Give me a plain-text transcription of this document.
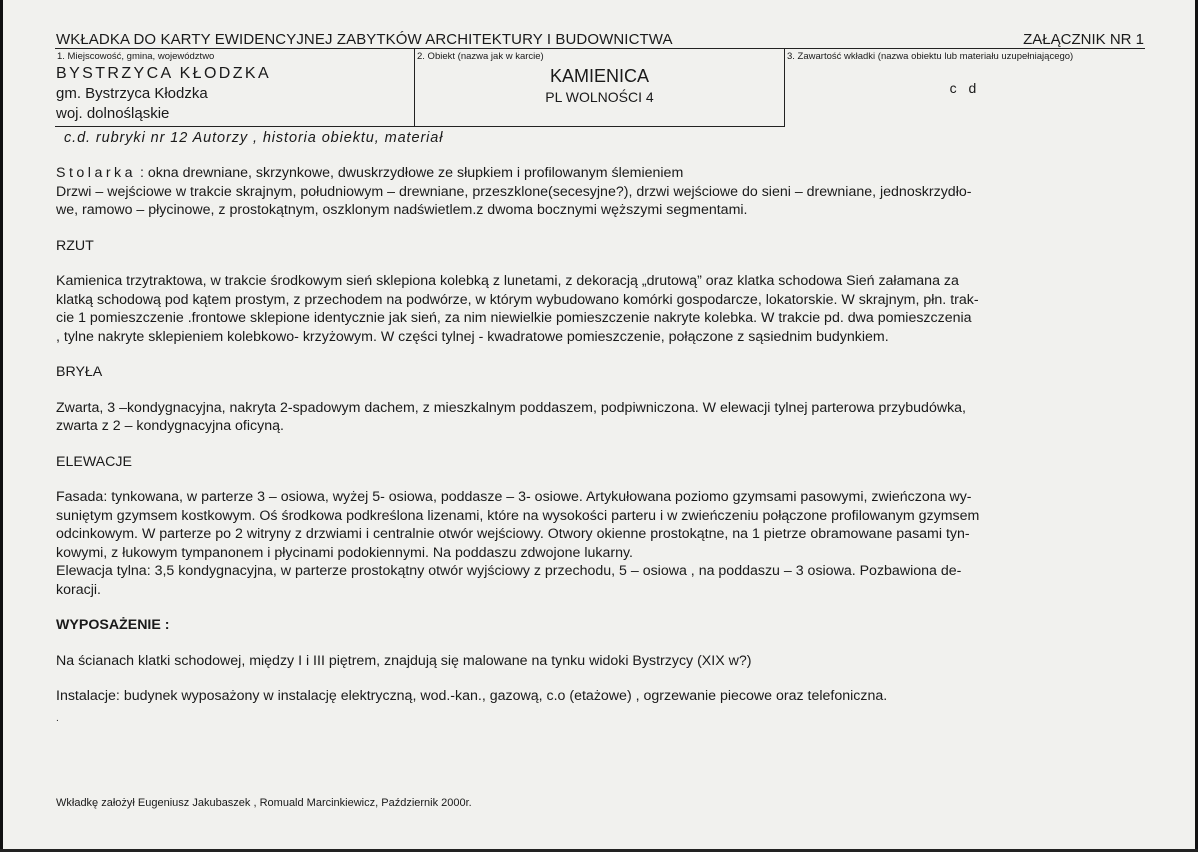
WKŁADKA DO KARTY EWIDENCYJNEJ ZABYTKÓW ARCHITEKTURY I BUDOWNICTWA	ZAŁĄCZNIK NR 1
1. Miejscowość, gmina, województwo
BYSTRZYCA KŁODZKA
gm. Bystrzyca Kłodzka
woj. dolnośląskie
2. Obiekt (nazwa jak w karcie)
KAMIENICA
PL WOLNOŚCI 4
3. Zawartość wkładki (nazwa obiektu lub materiału uzupełniającego)
c d
c.d. rubryki nr 12 Autorzy , historia obiektu, materiał

Stolarka : okna drewniane, skrzynkowe, dwuskrzydłowe ze słupkiem i profilowanym ślemieniem

Drzwi – wejściowe w trakcie skrajnym, południowym – drewniane, przeszklone(secesyjne?), drzwi wejściowe do sieni – drewniane, jednoskrzydło-

we, ramowo – płycinowe, z prostokątnym, oszklonym nadświetlem.z dwoma bocznymi węższymi segmentami.

RZUT

Kamienica trzytraktowa, w trakcie środkowym sień sklepiona kolebką z lunetami, z dekoracją „drutową” oraz klatka schodowa Sień załamana za

klatką schodową pod kątem prostym, z przechodem na podwórze, w którym wybudowano komórki gospodarcze, lokatorskie. W skrajnym, płn. trak-

cie 1 pomieszczenie .frontowe sklepione identycznie jak sień, za nim niewielkie pomieszczenie nakryte kolebka. W trakcie pd. dwa pomieszczenia

, tylne nakryte sklepieniem kolebkowo- krzyżowym. W części tylnej - kwadratowe pomieszczenie, połączone z sąsiednim budynkiem.

BRYŁA

Zwarta, 3 –kondygnacyjna, nakryta 2-spadowym dachem, z mieszkalnym poddaszem, podpiwniczona. W elewacji tylnej parterowa przybudówka,

zwarta z 2 – kondygnacyjna oficyną.

ELEWACJE

Fasada: tynkowana, w parterze 3 – osiowa, wyżej 5- osiowa, poddasze – 3- osiowe. Artykułowana poziomo gzymsami pasowymi, zwieńczona wy-

suniętym gzymsem kostkowym. Oś środkowa podkreślona lizenami, które na wysokości parteru i w zwieńczeniu połączone profilowanym gzymsem

odcinkowym. W parterze po 2 witryny z drzwiami i centralnie otwór wejściowy. Otwory okienne prostokątne, na 1 pietrze obramowane pasami tyn-

kowymi, z łukowym tympanonem i płycinami podokiennymi. Na poddaszu zdwojone lukarny.

Elewacja tylna: 3,5 kondygnacyjna, w parterze prostokątny otwór wyjściowy z przechodu, 5 – osiowa , na poddaszu – 3 osiowa. Pozbawiona de-

koracji.

WYPOSAŻENIE :

Na ścianach klatki schodowej, między I i III piętrem, znajdują się malowane na tynku widoki Bystrzycy (XIX w?)

Instalacje: budynek wyposażony w instalację elektryczną, wod.-kan., gazową, c.o (etażowe) , ogrzewanie piecowe oraz telefoniczna.

.

Wkładkę założył Eugeniusz Jakubaszek , Romuald Marcinkiewicz, Październik 2000r.
